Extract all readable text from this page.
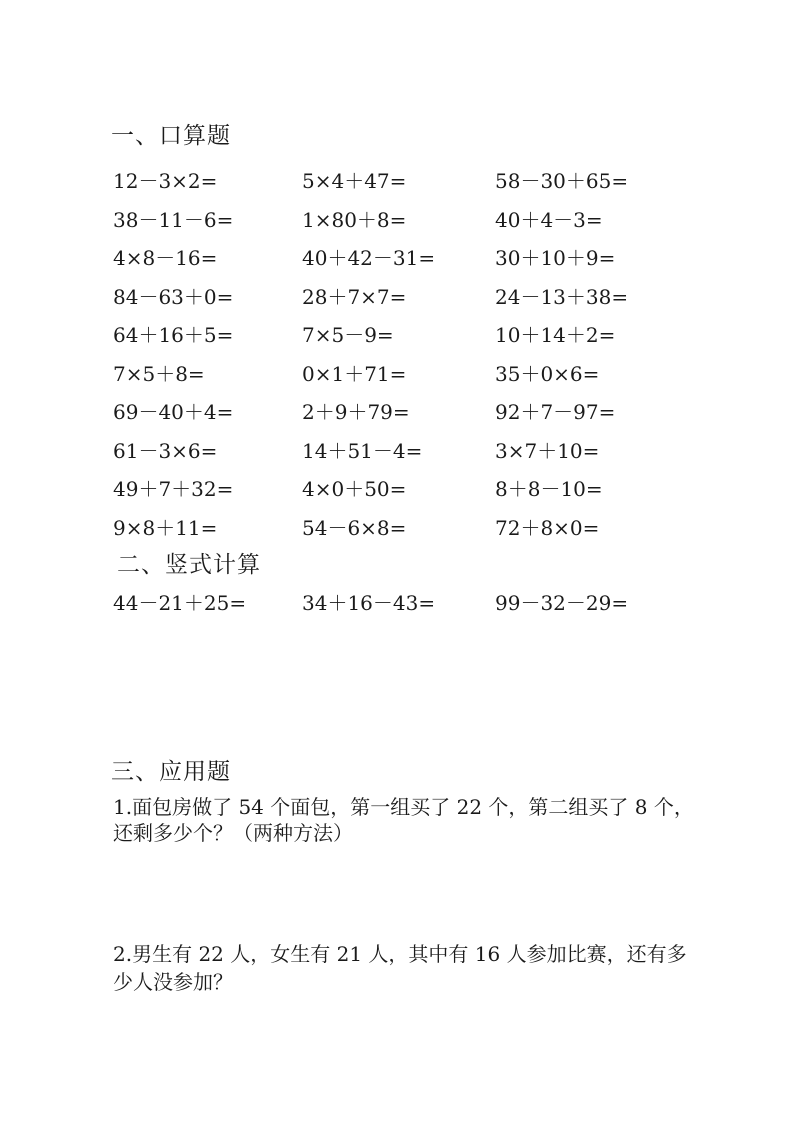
一、口算题
12－3×2=	5×4＋47=	58－30＋65=
38－11－6=	1×80＋8=	40＋4－3=
4×8－16=	40＋42－31=	30＋10＋9=
84－63＋0=	28＋7×7=	24－13＋38=
64＋16＋5=	7×5－9=	10＋14＋2=
7×5＋8=	0×1＋71=	35＋0×6=
69－40＋4=	2＋9＋79=	92＋7－97=
61－3×6=	14＋51－4=	3×7＋10=
49＋7＋32=	4×0＋50=	8＋8－10=
9×8＋11=	54－6×8=	72＋8×0=
二、竖式计算
44－21＋25=	34＋16－43=	99－32－29=
三、应用题
1.面包房做了 54 个面包，第一组买了 22 个，第二组买了 8 个，
还剩多少个？（两种方法）
2.男生有 22 人，女生有 21 人，其中有 16 人参加比赛，还有多
少人没参加？
